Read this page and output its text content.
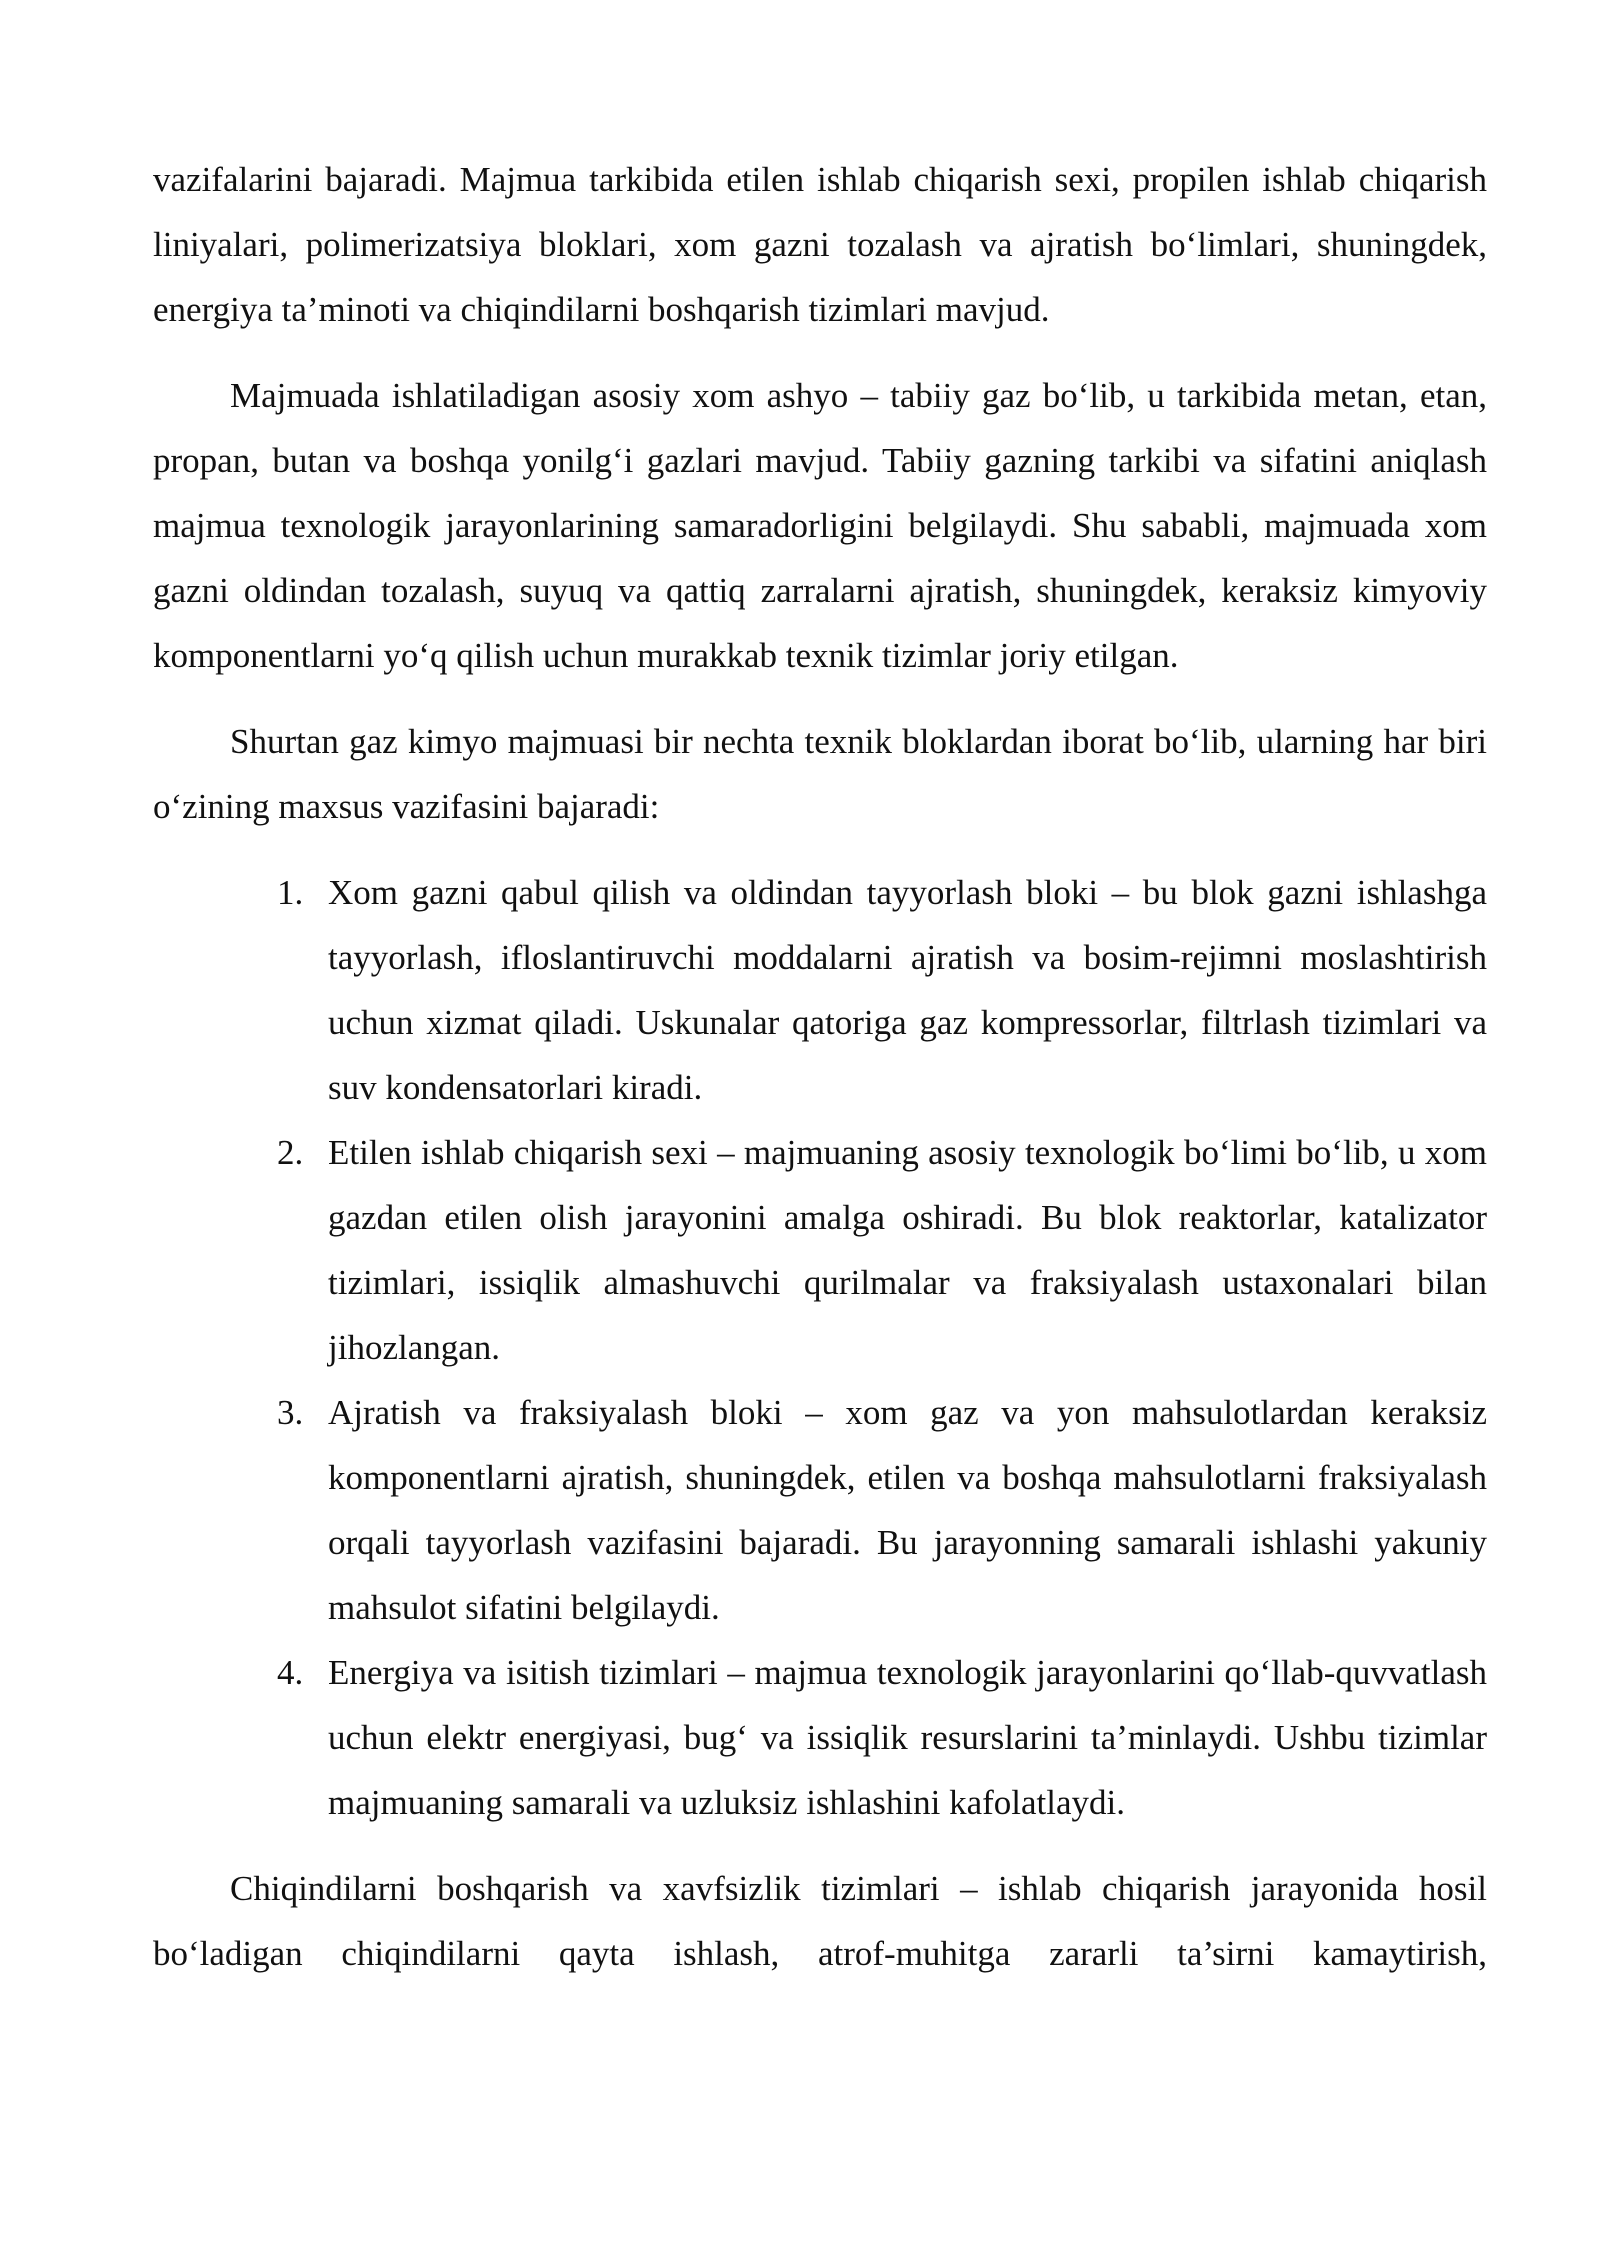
vazifalarini bajaradi. Majmua tarkibida etilen ishlab chiqarish sexi, propilen ishlab chiqarish liniyalari, polimerizatsiya bloklari, xom gazni tozalash va ajratish bo‘limlari, shuningdek, energiya ta’minoti va chiqindilarni boshqarish tizimlari mavjud.

Majmuada ishlatiladigan asosiy xom ashyo – tabiiy gaz bo‘lib, u tarkibida metan, etan, propan, butan va boshqa yonilg‘i gazlari mavjud. Tabiiy gazning tarkibi va sifatini aniqlash majmua texnologik jarayonlarining samaradorligini belgilaydi. Shu sababli, majmuada xom gazni oldindan tozalash, suyuq va qattiq zarralarni ajratish, shuningdek, keraksiz kimyoviy komponentlarni yo‘q qilish uchun murakkab texnik tizimlar joriy etilgan.

Shurtan gaz kimyo majmuasi bir nechta texnik bloklardan iborat bo‘lib, ularning har biri o‘zining maxsus vazifasini bajaradi:

1. Xom gazni qabul qilish va oldindan tayyorlash bloki – bu blok gazni ishlashga tayyorlash, ifloslantiruvchi moddalarni ajratish va bosim-rejimni moslashtirish uchun xizmat qiladi. Uskunalar qatoriga gaz kompressorlar, filtrlash tizimlari va suv kondensatorlari kiradi.
2. Etilen ishlab chiqarish sexi – majmuaning asosiy texnologik bo‘limi bo‘lib, u xom gazdan etilen olish jarayonini amalga oshiradi. Bu blok reaktorlar, katalizator tizimlari, issiqlik almashuvchi qurilmalar va fraksiyalash ustaxonalari bilan jihozlangan.
3. Ajratish va fraksiyalash bloki – xom gaz va yon mahsulotlardan keraksiz komponentlarni ajratish, shuningdek, etilen va boshqa mahsulotlarni fraksiyalash orqali tayyorlash vazifasini bajaradi. Bu jarayonning samarali ishlashi yakuniy mahsulot sifatini belgilaydi.
4. Energiya va isitish tizimlari – majmua texnologik jarayonlarini qo‘llab-quvvatlash uchun elektr energiyasi, bug‘ va issiqlik resurslarini ta’minlaydi. Ushbu tizimlar majmuaning samarali va uzluksiz ishlashini kafolatlaydi.

Chiqindilarni boshqarish va xavfsizlik tizimlari – ishlab chiqarish jarayonida hosil bo‘ladigan chiqindilarni qayta ishlash, atrof-muhitga zararli ta’sirni kamaytirish,
